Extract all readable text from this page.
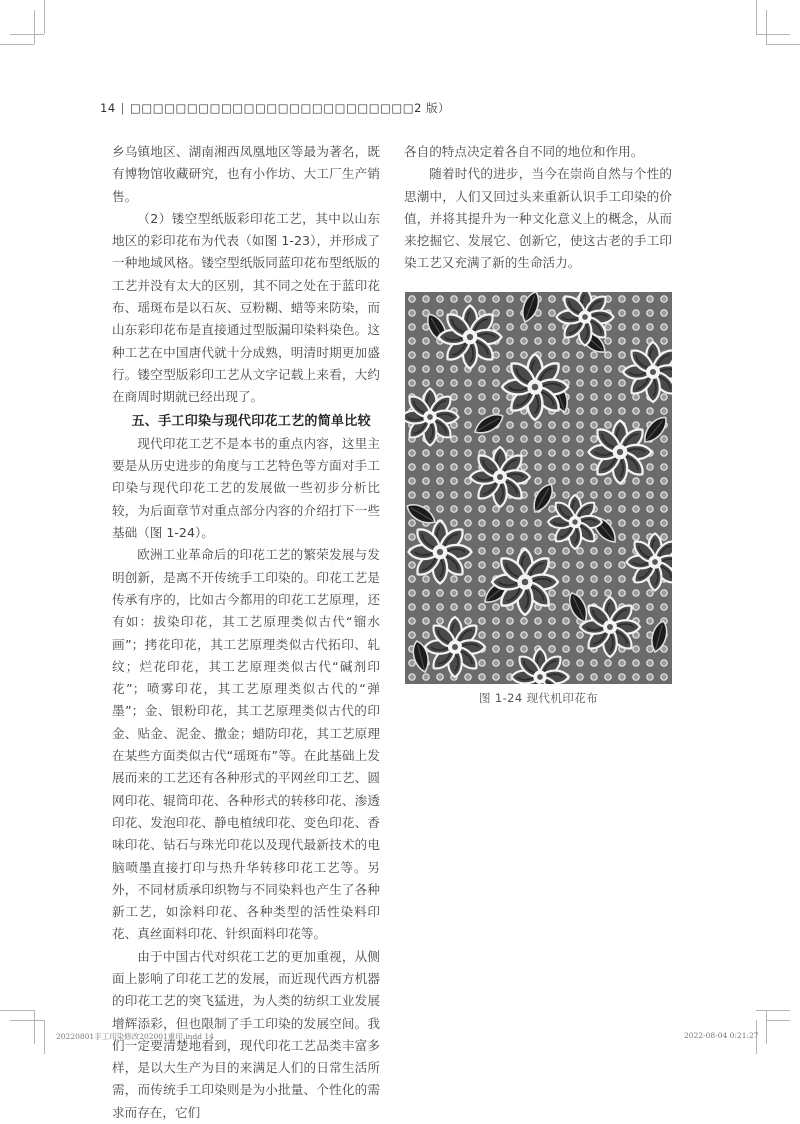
14 | □□□□□□□□□□□□□□□□□□□□□□□□□2 版）

乡乌镇地区、湖南湘西凤凰地区等最为著名，既有博物馆收藏研究，也有小作坊、大工厂生产销售。

（2）镂空型纸版彩印花工艺，其中以山东地区的彩印花布为代表（如图 1-23），并形成了一种地域风格。镂空型纸版同蓝印花布型纸版的工艺并没有太大的区别，其不同之处在于蓝印花布、瑶斑布是以石灰、豆粉糊、蜡等来防染，而山东彩印花布是直接通过型版漏印染料染色。这种工艺在中国唐代就十分成熟，明清时期更加盛行。镂空型版彩印工艺从文字记载上来看，大约在商周时期就已经出现了。

五、手工印染与现代印花工艺的简单比较

现代印花工艺不是本书的重点内容，这里主要是从历史进步的角度与工艺特色等方面对手工印染与现代印花工艺的发展做一些初步分析比较，为后面章节对重点部分内容的介绍打下一些基础（图 1-24）。

欧洲工业革命后的印花工艺的繁荣发展与发明创新，是离不开传统手工印染的。印花工艺是传承有序的，比如古今都用的印花工艺原理，还有如：拔染印花，其工艺原理类似古代“镏水画”；拷花印花，其工艺原理类似古代拓印、轧纹；烂花印花，其工艺原理类似古代“碱剂印花”；喷雾印花，其工艺原理类似古代的“弹墨”；金、银粉印花，其工艺原理类似古代的印金、贴金、泥金、撒金；蜡防印花，其工艺原理在某些方面类似古代“瑶斑布”等。在此基础上发展而来的工艺还有各种形式的平网丝印工艺、圆网印花、辊筒印花、各种形式的转移印花、渗透印花、发泡印花、静电植绒印花、变色印花、香味印花、钻石与珠光印花以及现代最新技术的电脑喷墨直接打印与热升华转移印花工艺等。另外，不同材质承印织物与不同染料也产生了各种新工艺，如涂料印花、各种类型的活性染料印花、真丝面料印花、针织面料印花等。

由于中国古代对织花工艺的更加重视，从侧面上影响了印花工艺的发展，而近现代西方机器的印花工艺的突飞猛进，为人类的纺织工业发展增辉添彩，但也限制了手工印染的发展空间。我们一定要清楚地看到，现代印花工艺品类丰富多样，是以大生产为目的来满足人们的日常生活所需，而传统手工印染则是为小批量、个性化的需求而存在，它们

各自的特点决定着各自不同的地位和作用。

随着时代的进步，当今在崇尚自然与个性的思潮中，人们又回过头来重新认识手工印染的价值，并将其提升为一种文化意义上的概念，从而来挖掘它、发展它、创新它，使这古老的手工印染工艺又充满了新的生命活力。

图 1-24 现代机印花布
20220801手工印染修改202001重印.indd 14	2022-08-04 0:21:27
